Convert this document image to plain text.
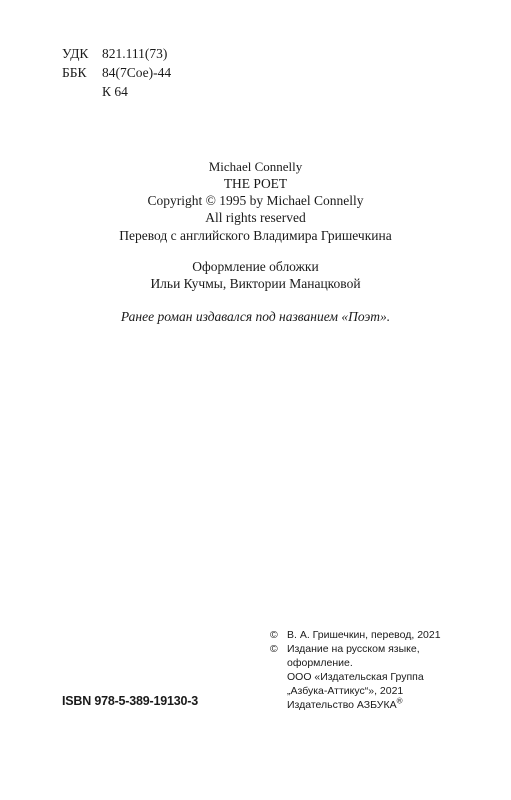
УДК	821.111(73)
ББК	84(7Сое)-44
К 64
Michael Connelly
THE POET
Copyright © 1995 by Michael Connelly
All rights reserved
Перевод с английского Владимира Гришечкина
Оформление обложки
Ильи Кучмы, Виктории Манацковой
Ранее роман издавался под названием «Поэт».
ISBN 978-5-389-19130-3
© В. А. Гришечкин, перевод, 2021
© Издание на русском языке,
оформление.
ООО «Издательская Группа
„Азбука-Аттикус“», 2021
Издательство АЗБУКА®
